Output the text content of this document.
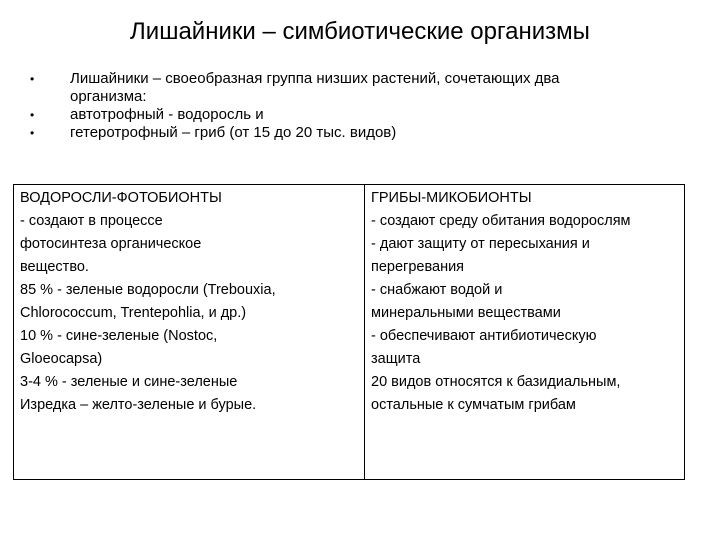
Лишайники – симбиотические организмы
• Лишайники – своеобразная группа низших растений, сочетающих два организма:
• автотрофный - водоросль и
• гетеротрофный – гриб (от 15 до 20 тыс. видов)
ВОДОРОСЛИ-ФОТОБИОНТЫ
- создают в процессе
фотосинтеза органическое
вещество.
85 % - зеленые водоросли (Trebouxia,
Chlorococcum, Trentepohlia, и др.)
10 % - сине-зеленые (Nostoc,
Gloeocapsa)
3-4 % - зеленые и сине-зеленые
Изредка – желто-зеленые и бурые.

ГРИБЫ-МИКОБИОНТЫ
- создают среду обитания водорослям
- дают защиту от пересыхания и
перегревания
- снабжают водой и
минеральными веществами
- обеспечивают антибиотическую
защита
20 видов относятся к базидиальным,
остальные к сумчатым грибам
